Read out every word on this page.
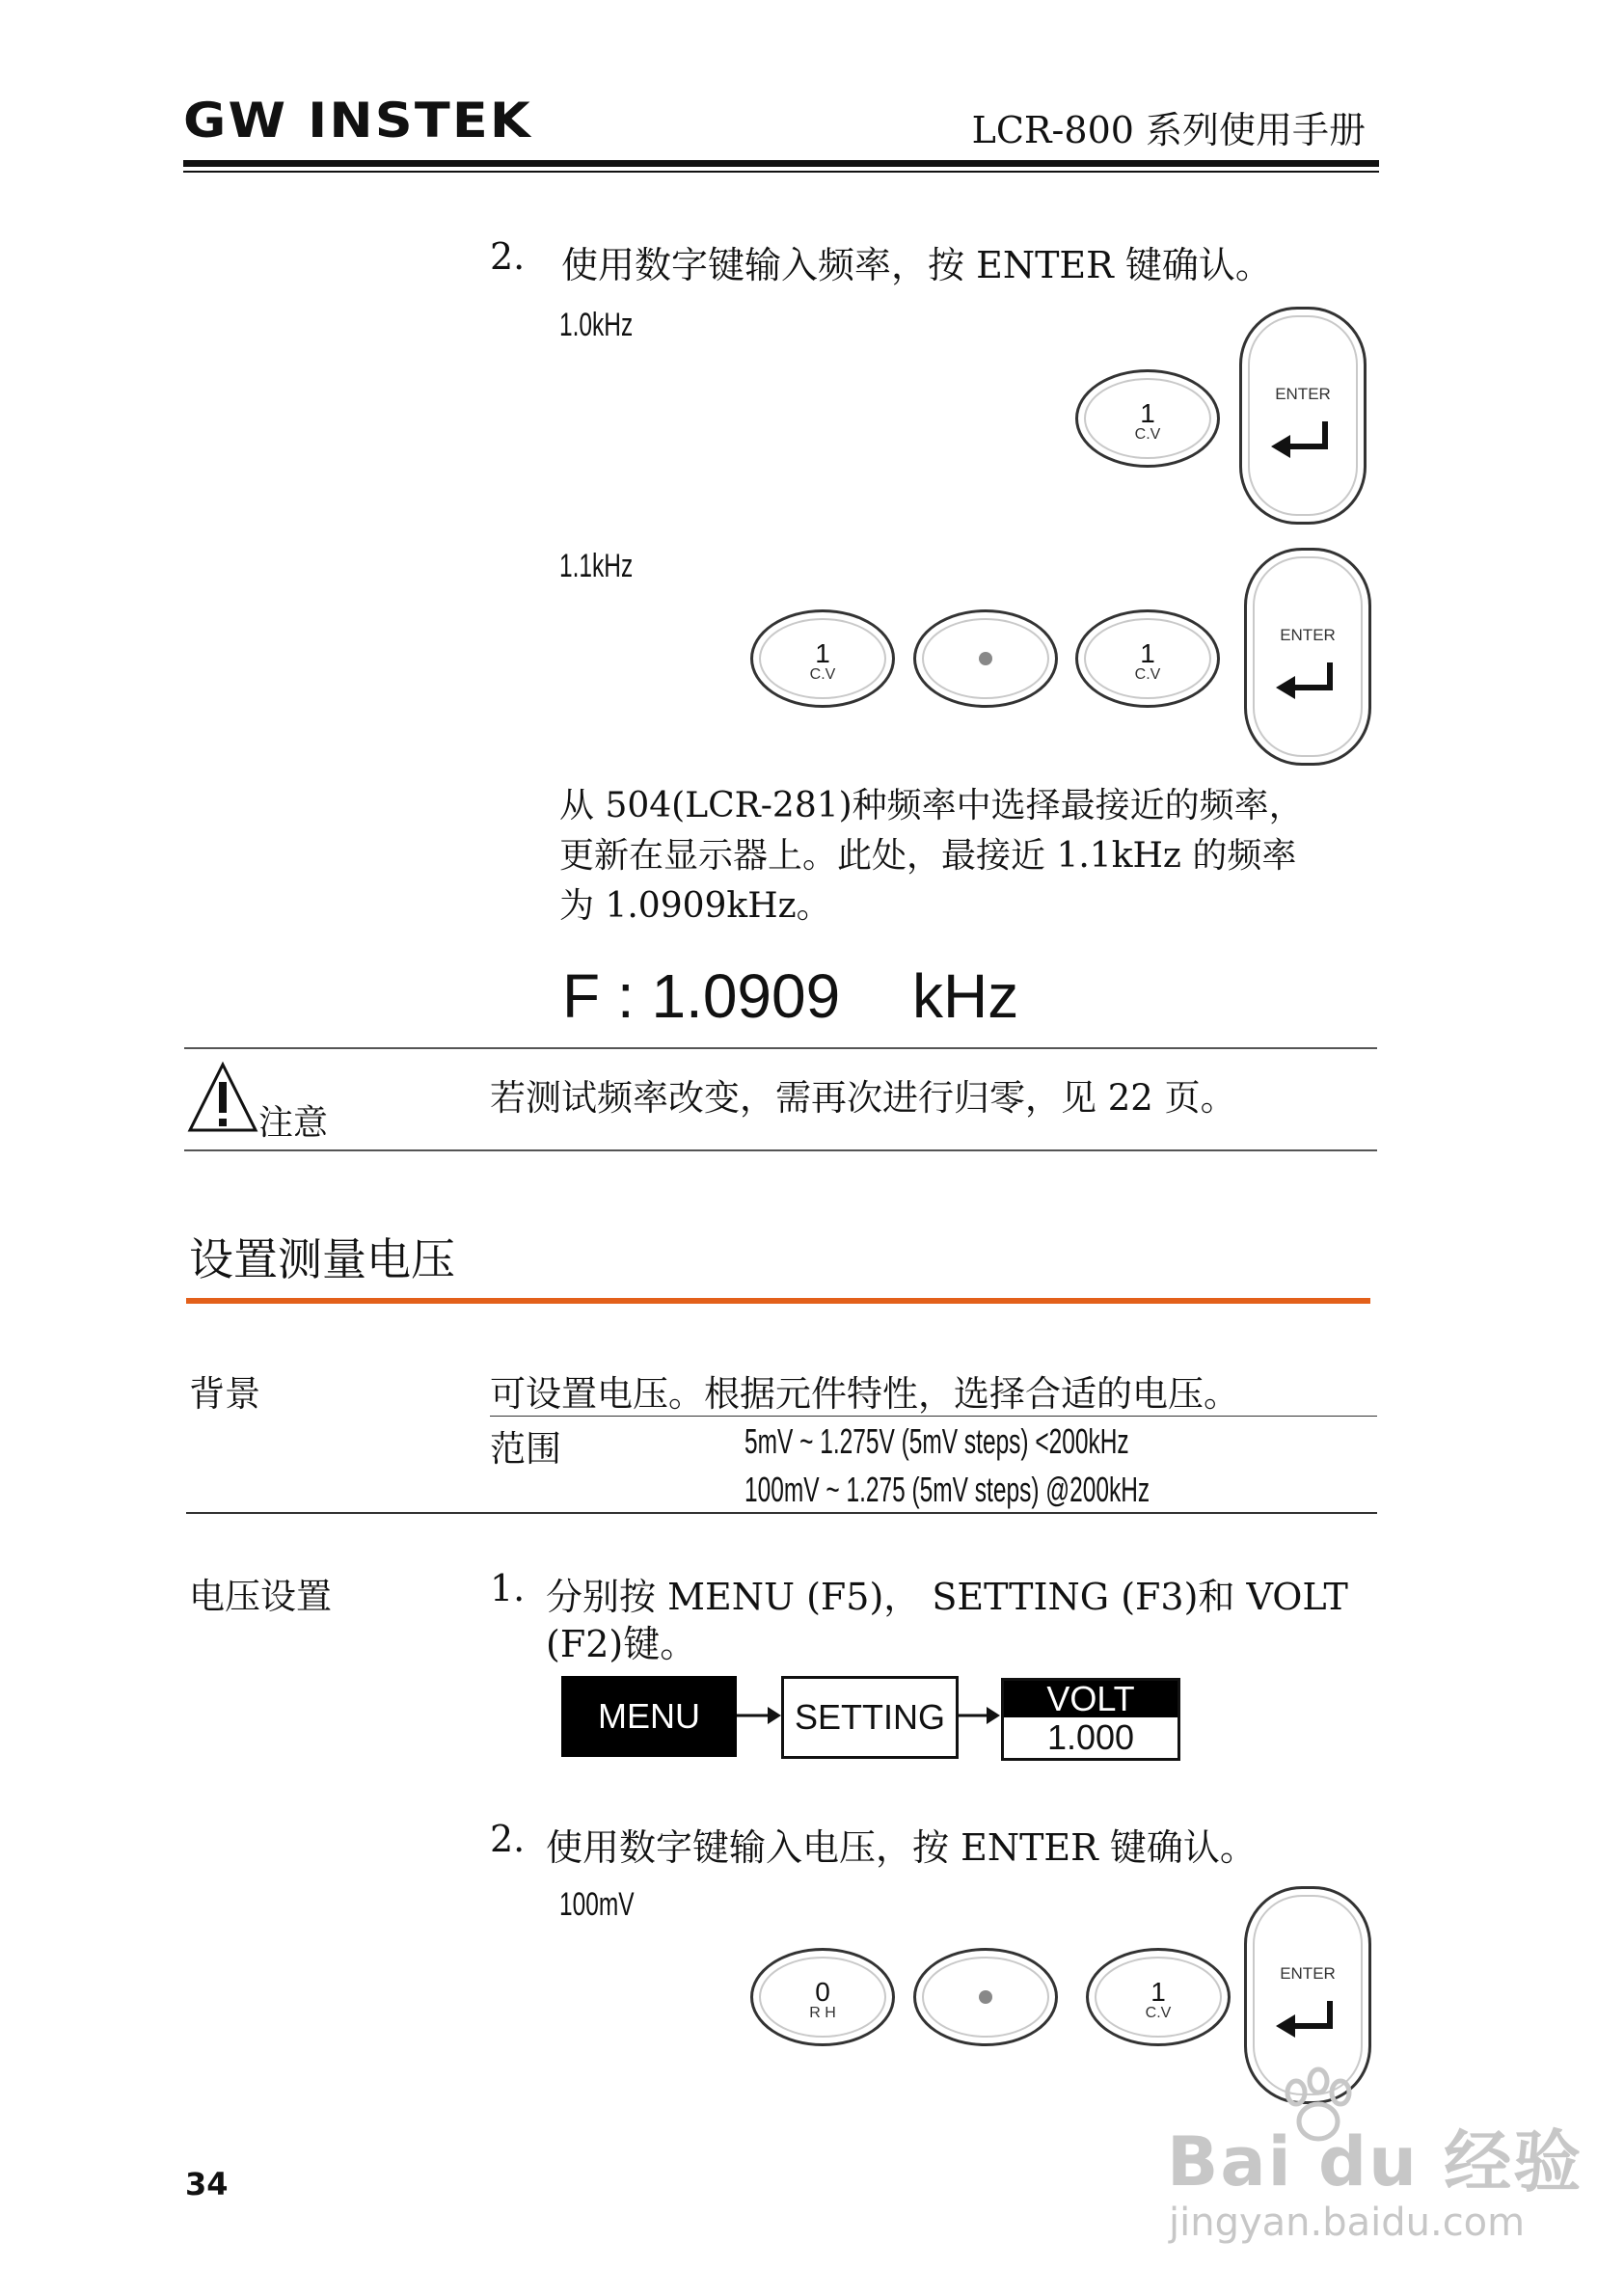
GW INSTEK	LCR-800 系列使用手册
2. 使用数字键输入频率，按 ENTER 键确认。
1.0kHz
1
C.V
ENTER
1.1kHz
1
C.V
1
C.V
ENTER
从 504(LCR-281)种频率中选择最接近的频率，
更新在显示器上。此处，最接近 1.1kHz 的频率
为 1.0909kHz。
F : 1.0909 kHz
注意
若测试频率改变，需再次进行归零，见 22 页。
设置测量电压
背景	可设置电压。根据元件特性，选择合适的电压。
范围	5mV ~ 1.275V (5mV steps) <200kHz
100mV ~ 1.275 (5mV steps) @200kHz
电压设置	1. 分别按 MENU (F5)， SETTING (F3)和 VOLT
(F2)键。
MENU	SETTING	VOLT
1.000
2. 使用数字键输入电压，按 ENTER 键确认。
100mV
0
R H
1
C.V
ENTER
34	Bai du 经验
jingyan.baidu.com
